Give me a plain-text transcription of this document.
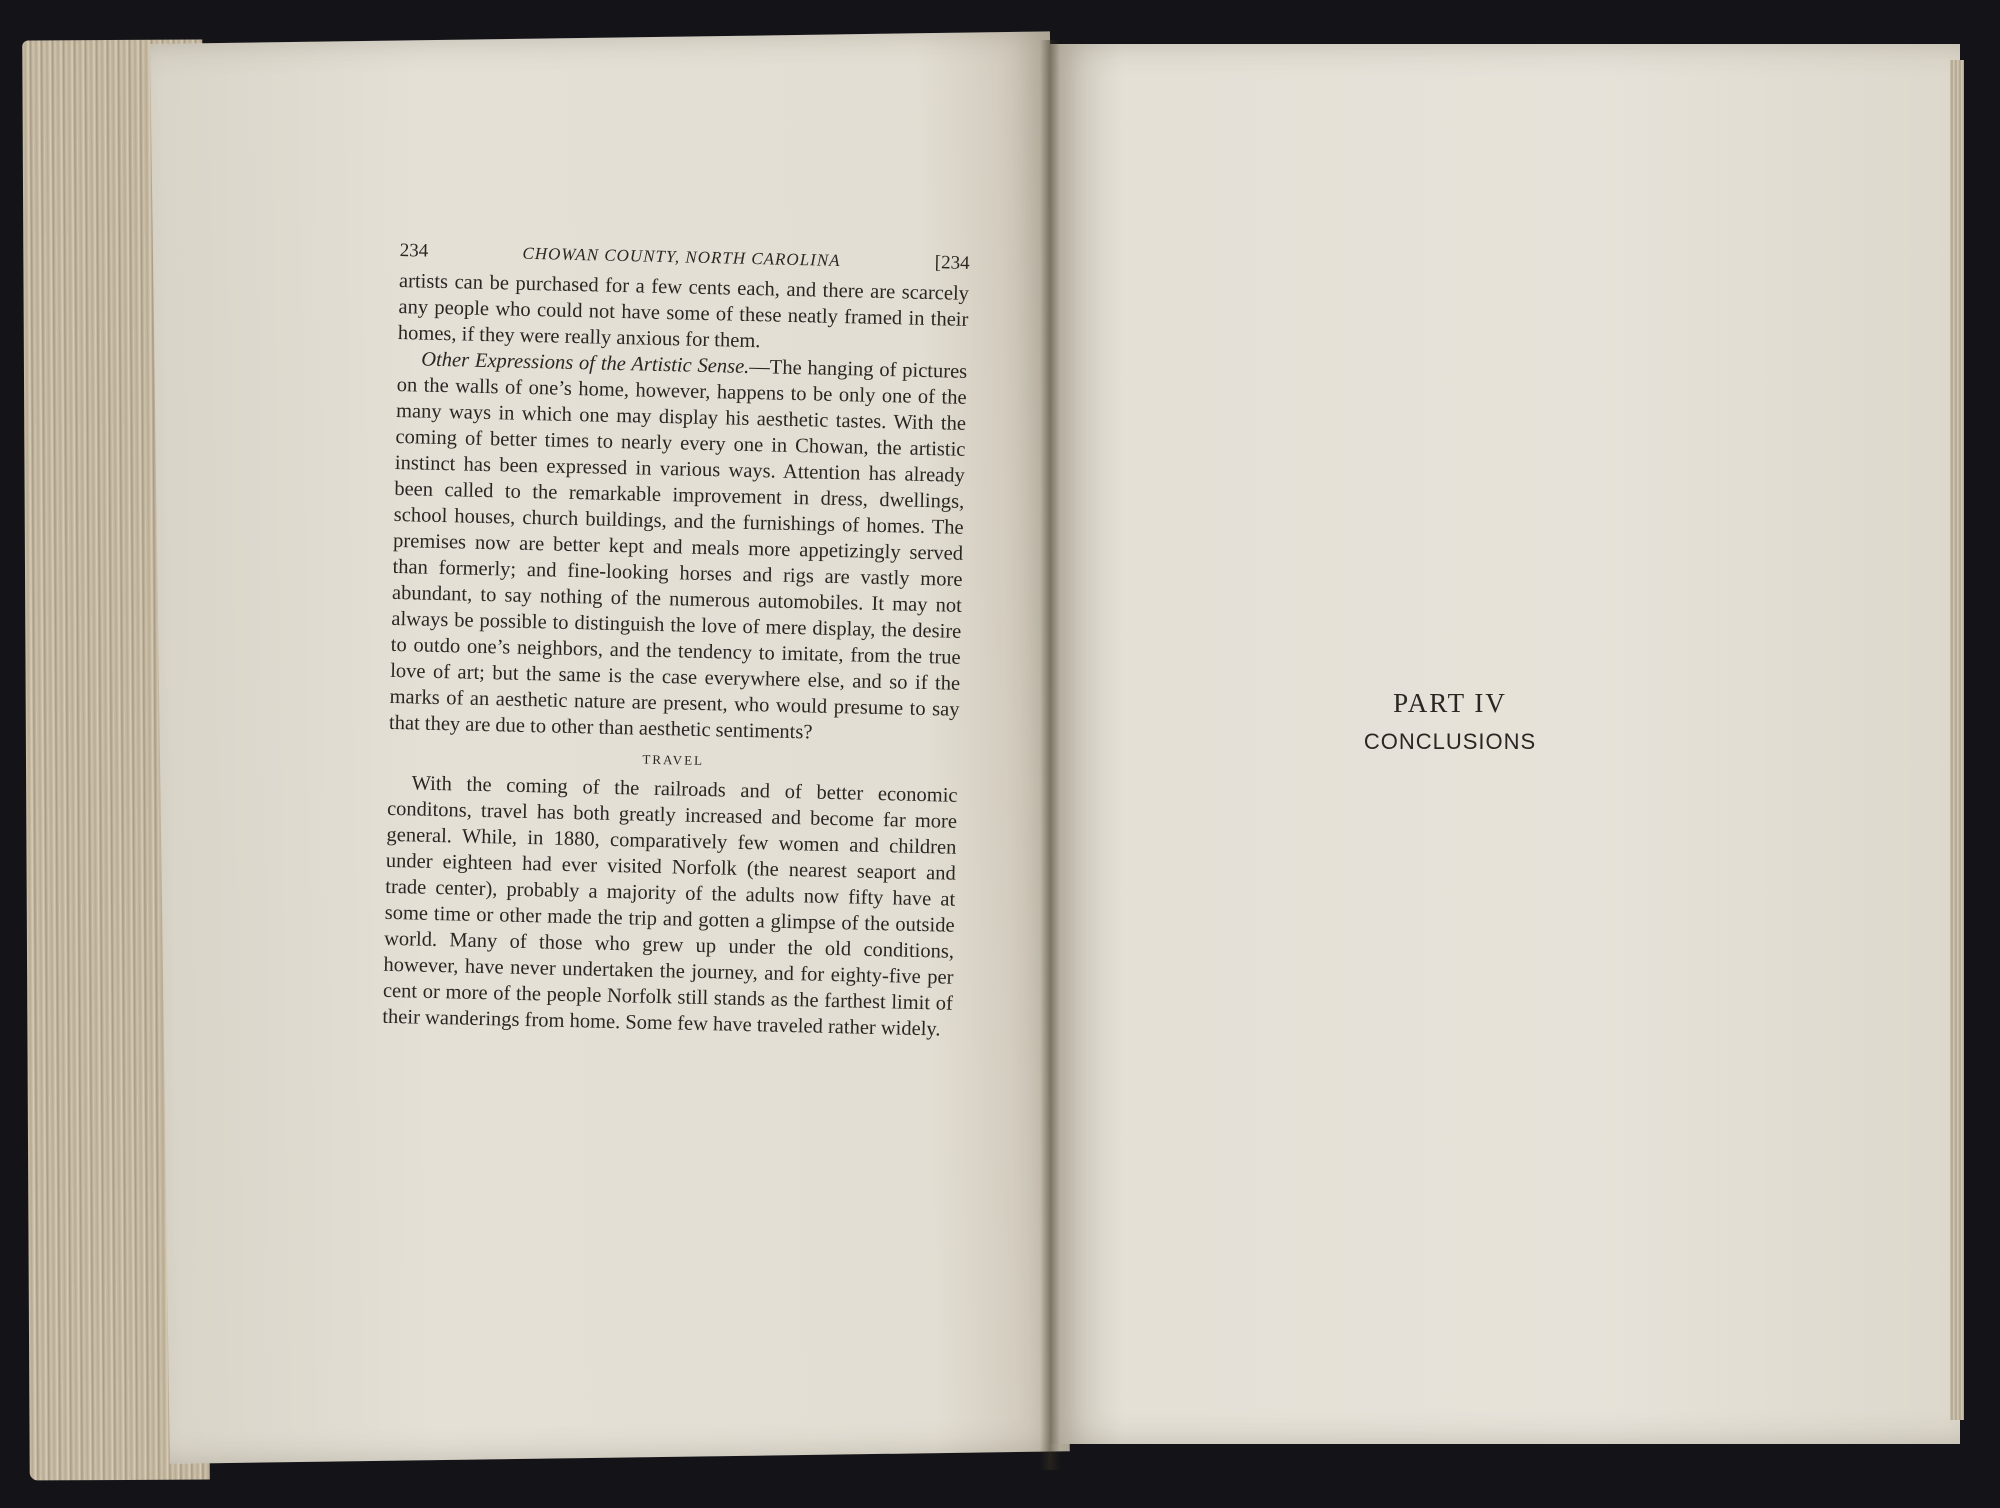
234	CHOWAN COUNTY, NORTH CAROLINA	[234

artists can be purchased for a few cents each, and there are scarcely any people who could not have some of these neatly framed in their homes, if they were really anxious for them.

Other Expressions of the Artistic Sense.—The hanging of pictures on the walls of one’s home, however, happens to be only one of the many ways in which one may display his aesthetic tastes. With the coming of better times to nearly every one in Chowan, the artistic instinct has been expressed in various ways. Attention has already been called to the remarkable improvement in dress, dwellings, school houses, church buildings, and the furnishings of homes. The premises now are better kept and meals more appetizingly served than formerly; and fine-looking horses and rigs are vastly more abundant, to say nothing of the numerous automobiles. It may not always be possible to distinguish the love of mere display, the desire to outdo one’s neighbors, and the tendency to imitate, from the true love of art; but the same is the case everywhere else, and so if the marks of an aesthetic nature are present, who would presume to say that they are due to other than aesthetic sentiments?

TRAVEL

With the coming of the railroads and of better economic conditons, travel has both greatly increased and become far more general. While, in 1880, comparatively few women and children under eighteen had ever visited Norfolk (the nearest seaport and trade center), probably a majority of the adults now fifty have at some time or other made the trip and gotten a glimpse of the outside world. Many of those who grew up under the old conditions, however, have never undertaken the journey, and for eighty-five per cent or more of the people Norfolk still stands as the farthest limit of their wanderings from home. Some few have traveled rather widely.

PART IV
CONCLUSIONS
